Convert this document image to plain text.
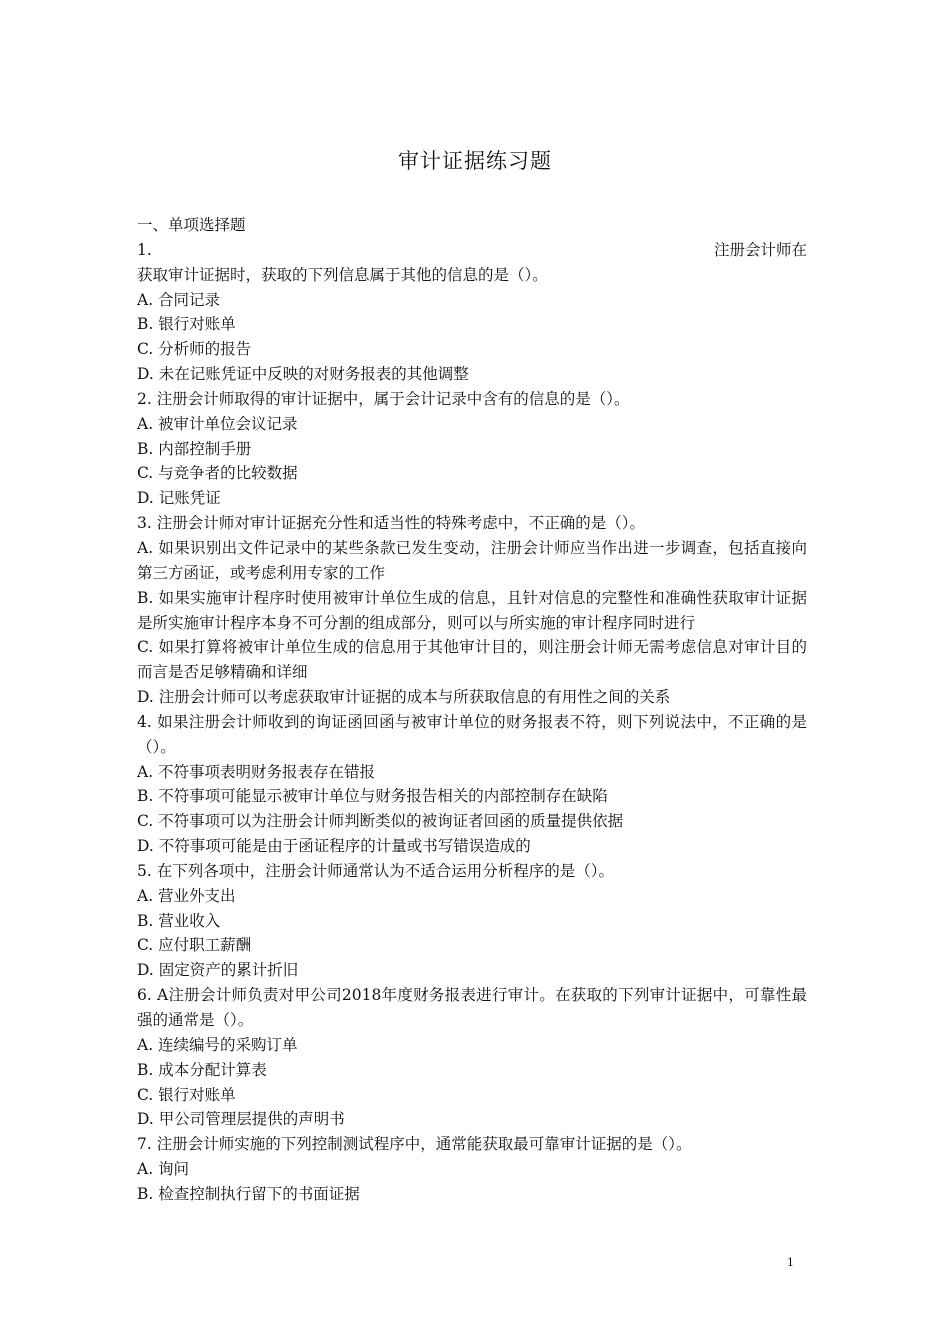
审计证据练习题
一、单项选择题
1.	注册会计师在
获取审计证据时，获取的下列信息属于其他的信息的是（）。
A. 合同记录
B. 银行对账单
C. 分析师的报告
D. 未在记账凭证中反映的对财务报表的其他调整
2. 注册会计师取得的审计证据中，属于会计记录中含有的信息的是（）。
A. 被审计单位会议记录
B. 内部控制手册
C. 与竞争者的比较数据
D. 记账凭证
3. 注册会计师对审计证据充分性和适当性的特殊考虑中，不正确的是（）。
A. 如果识别出文件记录中的某些条款已发生变动，注册会计师应当作出进一步调查，包括直接向第三方函证，或考虑利用专家的工作
B. 如果实施审计程序时使用被审计单位生成的信息，且针对信息的完整性和准确性获取审计证据是所实施审计程序本身不可分割的组成部分，则可以与所实施的审计程序同时进行
C. 如果打算将被审计单位生成的信息用于其他审计目的，则注册会计师无需考虑信息对审计目的而言是否足够精确和详细
D. 注册会计师可以考虑获取审计证据的成本与所获取信息的有用性之间的关系
4. 如果注册会计师收到的询证函回函与被审计单位的财务报表不符，则下列说法中，不正确的是（）。
A. 不符事项表明财务报表存在错报
B. 不符事项可能显示被审计单位与财务报告相关的内部控制存在缺陷
C. 不符事项可以为注册会计师判断类似的被询证者回函的质量提供依据
D. 不符事项可能是由于函证程序的计量或书写错误造成的
5. 在下列各项中，注册会计师通常认为不适合运用分析程序的是（）。
A. 营业外支出
B. 营业收入
C. 应付职工薪酬
D. 固定资产的累计折旧
6. A注册会计师负责对甲公司2018年度财务报表进行审计。在获取的下列审计证据中，可靠性最强的通常是（）。
A. 连续编号的采购订单
B. 成本分配计算表
C. 银行对账单
D. 甲公司管理层提供的声明书
7. 注册会计师实施的下列控制测试程序中，通常能获取最可靠审计证据的是（）。
A. 询问
B. 检查控制执行留下的书面证据
1
